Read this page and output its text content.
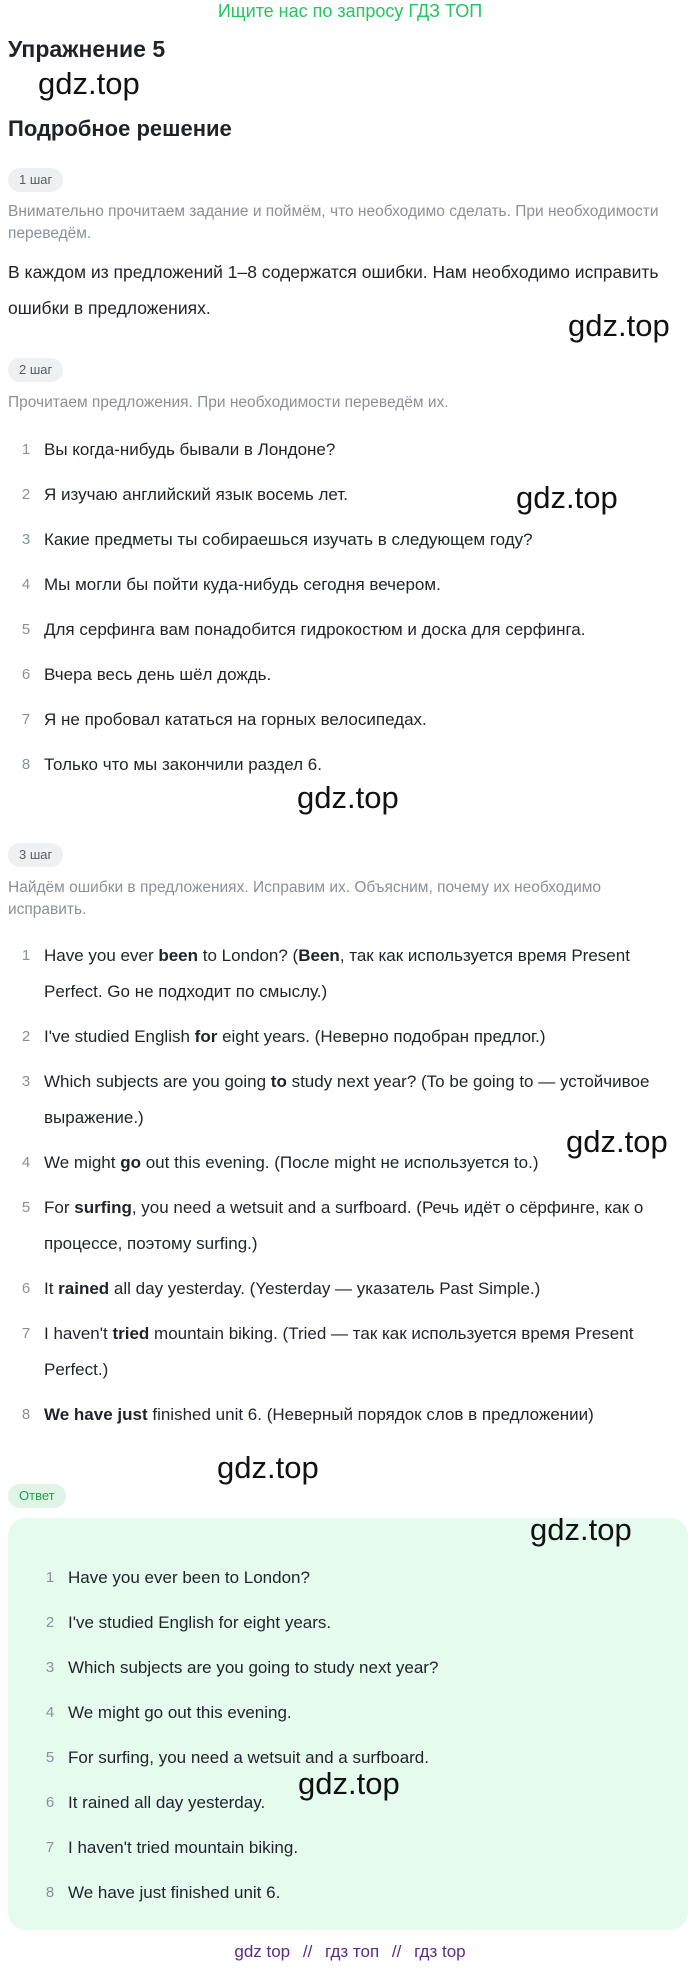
Ищите нас по запросу ГДЗ ТОП
Упражнение 5
gdz.top
Подробное решение
1 шаг

Внимательно прочитаем задание и поймём, что необходимо сделать. При необходимости переведём.

В каждом из предложений 1–8 содержатся ошибки. Нам необходимо исправить ошибки в предложениях.	gdz.top
2 шаг

Прочитаем предложения. При необходимости переведём их.

1 Вы когда-нибудь бывали в Лондоне?
2 Я изучаю английский язык восемь лет.
3 Какие предметы ты собираешься изучать в следующем году?
4 Мы могли бы пойти куда-нибудь сегодня вечером.
5 Для серфинга вам понадобится гидрокостюм и доска для серфинга.
6 Вчера весь день шёл дождь.
7 Я не пробовал кататься на горных велосипедах.
8 Только что мы закончили раздел 6.
gdz.top
gdz.top
3 шаг

Найдём ошибки в предложениях. Исправим их. Объясним, почему их необходимо исправить.

1 Have you ever been to London? (Been, так как используется время Present Perfect. Go не подходит по смыслу.)
2 I've studied English for eight years. (Неверно подобран предлог.)
3 Which subjects are you going to study next year? (To be going to — устойчивое выражение.)
4 We might go out this evening. (После might не используется to.)
5 For surfing, you need a wetsuit and a surfboard. (Речь идёт о сёрфинге, как о процессе, поэтому surfing.)
6 It rained all day yesterday. (Yesterday — указатель Past Simple.)
7 I haven't tried mountain biking. (Tried — так как используется время Present Perfect.)
8 We have just finished unit 6. (Неверный порядок слов в предложении)
gdz.top
gdz.top
Ответ
gdz.top
1 Have you ever been to London?
2 I've studied English for eight years.
3 Which subjects are you going to study next year?
4 We might go out this evening.
5 For surfing, you need a wetsuit and a surfboard.
6 It rained all day yesterday.
7 I haven't tried mountain biking.
8 We have just finished unit 6.
gdz.top
gdz top // гдз топ // гдз top
